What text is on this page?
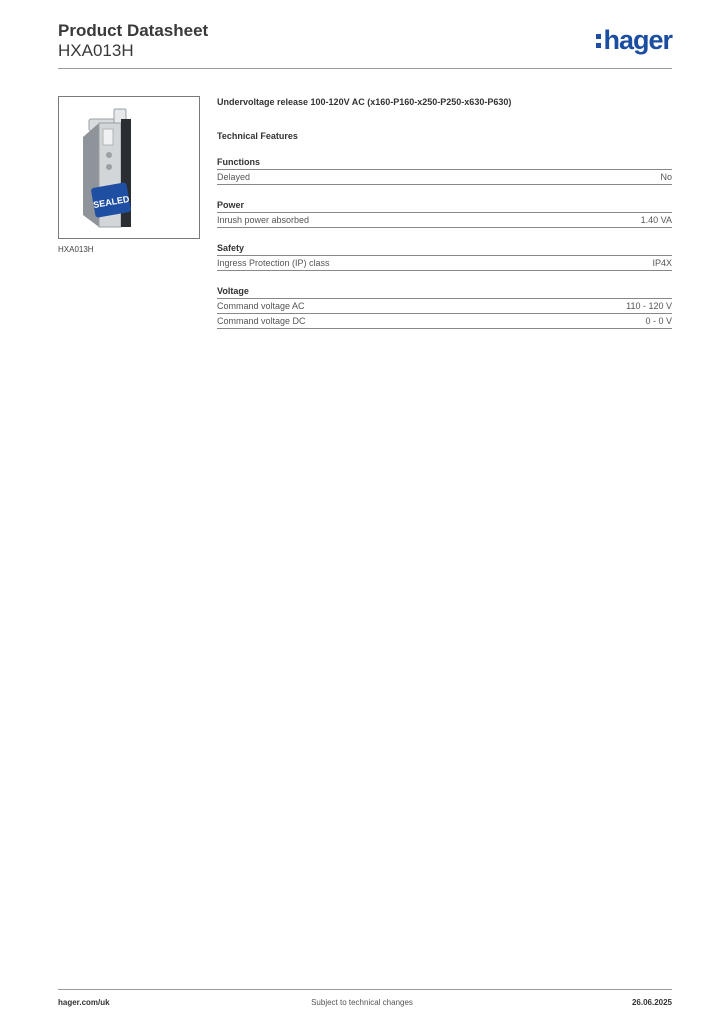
Product Datasheet
HXA013H	hager
SEALED
HXA013H
Undervoltage release 100-120V AC (x160-P160-x250-P250-x630-P630)
Technical Features
Functions
Delayed	No
Power
Inrush power absorbed	1.40 VA
Safety
Ingress Protection (IP) class	IP4X
Voltage
Command voltage AC	110 - 120 V
Command voltage DC	0 - 0 V
hager.com/uk	Subject to technical changes	26.06.2025
